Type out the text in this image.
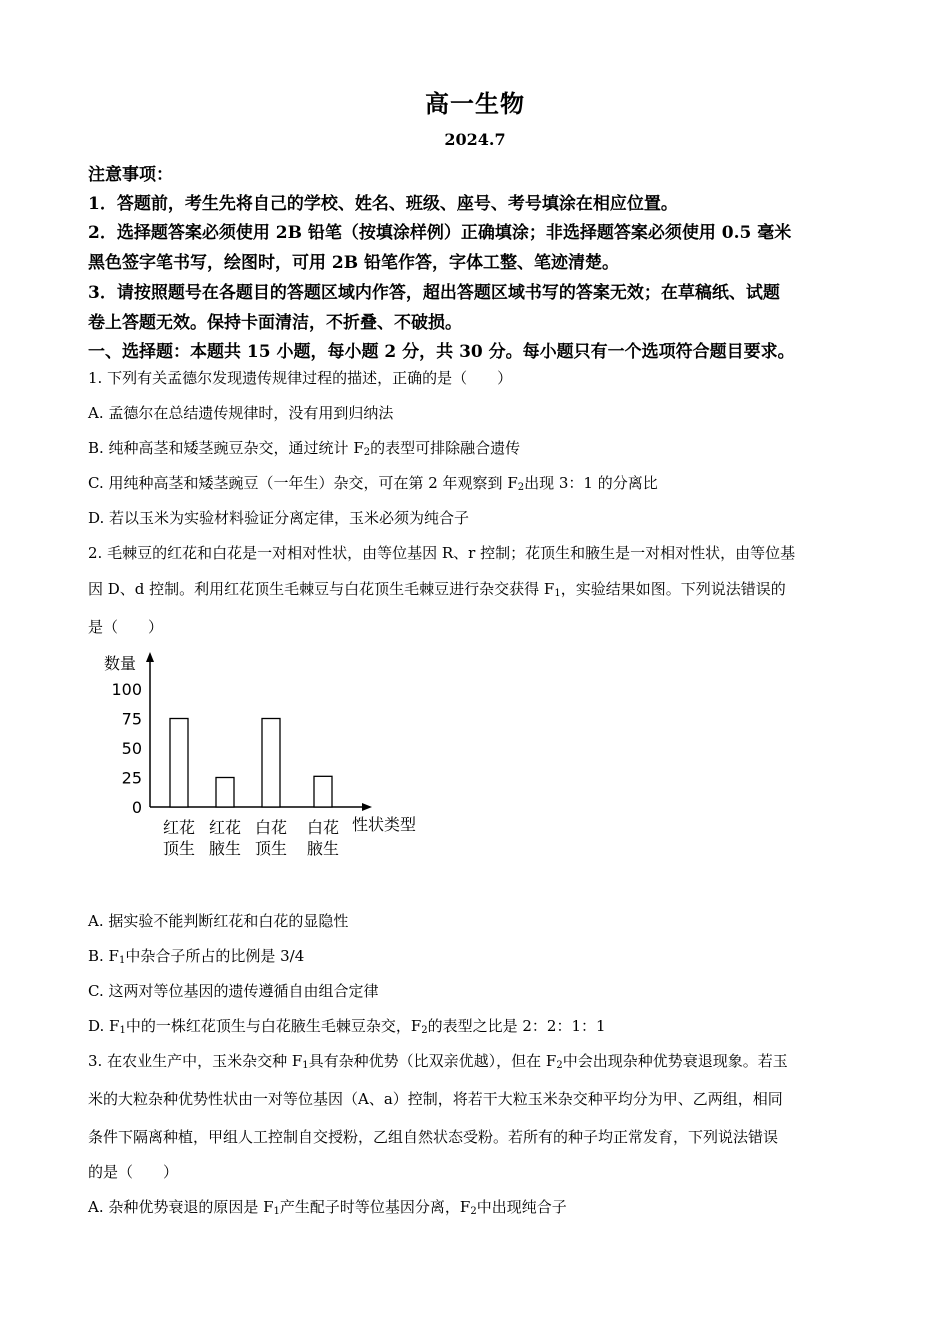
高一生物
2024.7
注意事项：
1．答题前，考生先将自己的学校、姓名、班级、座号、考号填涂在相应位置。
2．选择题答案必须使用 2B 铅笔（按填涂样例）正确填涂；非选择题答案必须使用 0.5 毫米
黑色签字笔书写，绘图时，可用 2B 铅笔作答，字体工整、笔迹清楚。
3．请按照题号在各题目的答题区域内作答，超出答题区域书写的答案无效；在草稿纸、试题
卷上答题无效。保持卡面清洁，不折叠、不破损。
一、选择题：本题共 15 小题，每小题 2 分，共 30 分。每小题只有一个选项符合题目要求。
1. 下列有关孟德尔发现遗传规律过程的描述，正确的是（　　）
A. 孟德尔在总结遗传规律时，没有用到归纳法
B. 纯种高茎和矮茎豌豆杂交，通过统计 $F_2$的表型可排除融合遗传
C. 用纯种高茎和矮茎豌豆（一年生）杂交，可在第 2 年观察到 $F_2$出现 3：1 的分离比
D. 若以玉米为实验材料验证分离定律，玉米必须为纯合子
2. 毛棘豆的红花和白花是一对相对性状，由等位基因 R、r 控制；花顶生和腋生是一对相对性状，由等位基
因 D、d 控制。利用红花顶生毛棘豆与白花顶生毛棘豆进行杂交获得 $F_1$，实验结果如图。下列说法错误的
是（　　）
数量
性状类型
100
75
50
25
0
红花
顶生
红花
腋生
白花
顶生
白花
腋生
A. 据实验不能判断红花和白花的显隐性
B. $F_1$中杂合子所占的比例是 3/4
C. 这两对等位基因的遗传遵循自由组合定律
D. $F_1$中的一株红花顶生与白花腋生毛棘豆杂交，$F_2$的表型之比是 2：2：1：1
3. 在农业生产中，玉米杂交种 $F_1$具有杂种优势（比双亲优越），但在 $F_2$中会出现杂种优势衰退现象。若玉
米的大粒杂种优势性状由一对等位基因（A、a）控制，将若干大粒玉米杂交种平均分为甲、乙两组，相同
条件下隔离种植，甲组人工控制自交授粉，乙组自然状态受粉。若所有的种子均正常发育，下列说法错误
的是（　　）
A. 杂种优势衰退的原因是 $F_1$产生配子时等位基因分离，$F_2$中出现纯合子
